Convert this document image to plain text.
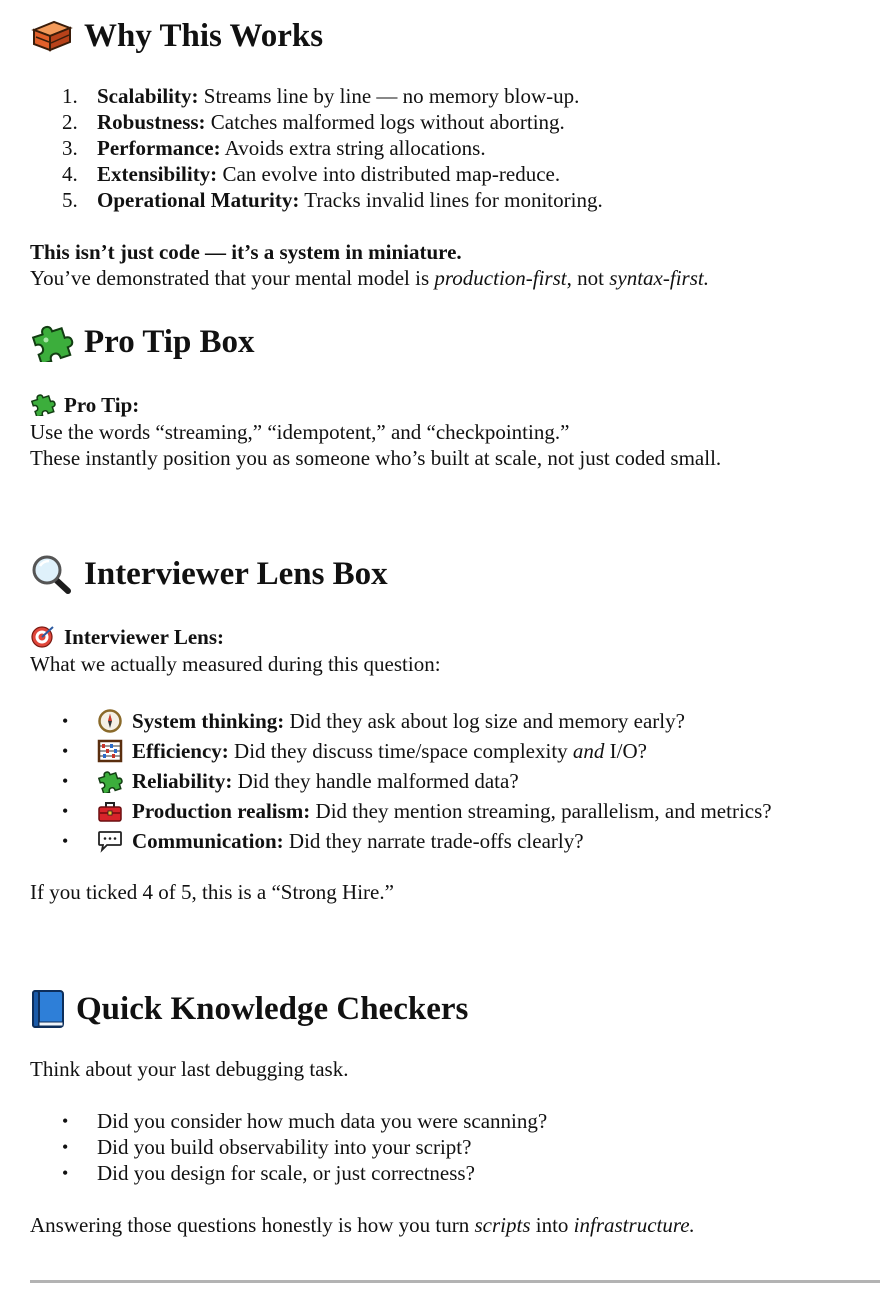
Why This Works
1. Scalability: Streams line by line — no memory blow-up.
2. Robustness: Catches malformed logs without aborting.
3. Performance: Avoids extra string allocations.
4. Extensibility: Can evolve into distributed map-reduce.
5. Operational Maturity: Tracks invalid lines for monitoring.

This isn’t just code — it’s a system in miniature.

You’ve demonstrated that your mental model is production-first, not syntax-first.

Pro Tip Box

Pro Tip:

Use the words “streaming,” “idempotent,” and “checkpointing.”

These instantly position you as someone who’s built at scale, not just coded small.

Interviewer Lens Box

Interviewer Lens:

What we actually measured during this question:

•	System thinking: Did they ask about log size and memory early?
•	Efficiency: Did they discuss time/space complexity and I/O?
•	Reliability: Did they handle malformed data?
•	Production realism: Did they mention streaming, parallelism, and metrics?
•	Communication: Did they narrate trade-offs clearly?

If you ticked 4 of 5, this is a “Strong Hire.”

Quick Knowledge Checkers

Think about your last debugging task.

•	Did you consider how much data you were scanning?
•	Did you build observability into your script?
•	Did you design for scale, or just correctness?

Answering those questions honestly is how you turn scripts into infrastructure.
